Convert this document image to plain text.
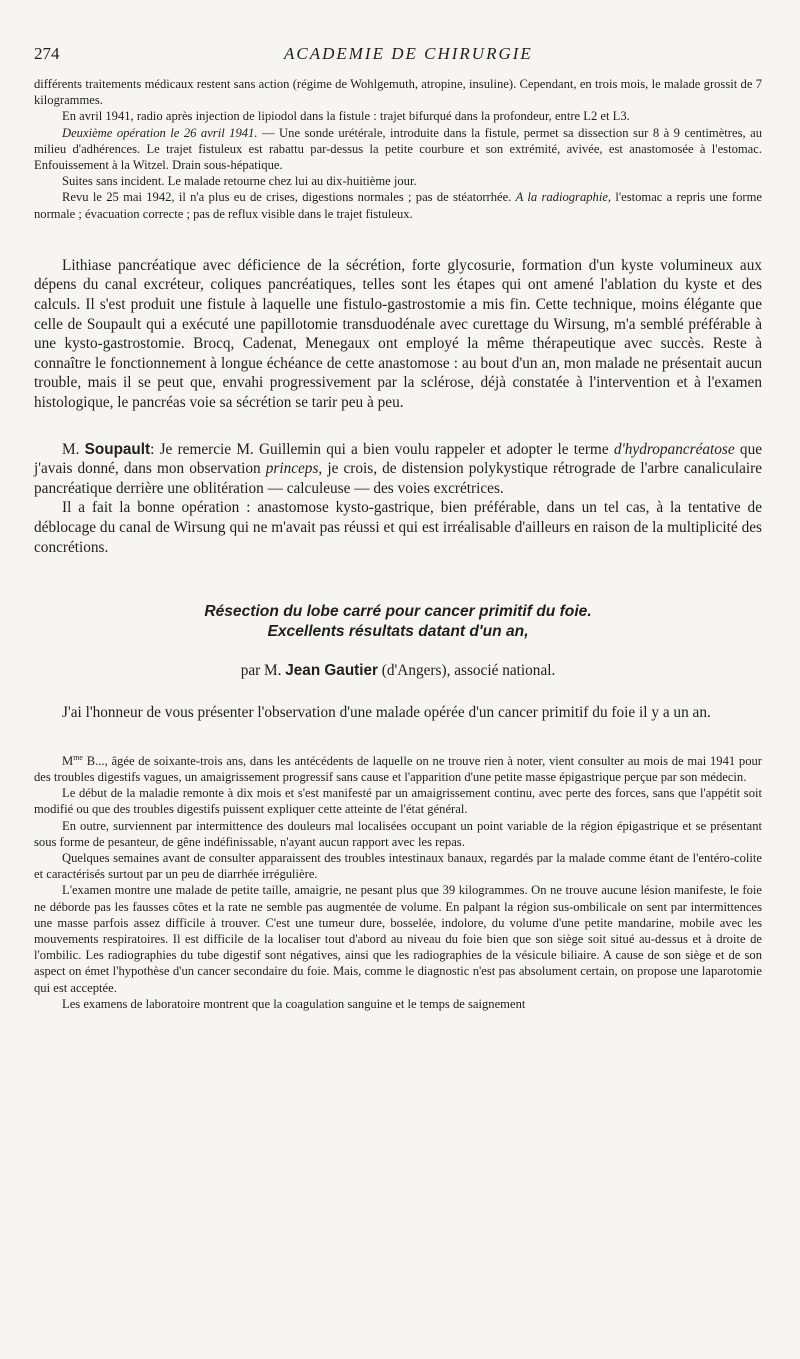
274	ACADEMIE DE CHIRURGIE

différents traitements médicaux restent sans action (régime de Wohlgemuth, atropine, insuline). Cependant, en trois mois, le malade grossit de 7 kilogrammes.

En avril 1941, radio après injection de lipiodol dans la fistule : trajet bifurqué dans la profondeur, entre L2 et L3.

Deuxième opération le 26 avril 1941. — Une sonde urétérale, introduite dans la fistule, permet sa dissection sur 8 à 9 centimètres, au milieu d'adhérences. Le trajet fistuleux est rabattu par-dessus la petite courbure et son extrémité, avivée, est anastomosée à l'estomac. Enfouissement à la Witzel. Drain sous-hépatique.

Suites sans incident. Le malade retourne chez lui au dix-huitième jour.

Revu le 25 mai 1942, il n'a plus eu de crises, digestions normales ; pas de stéatorrhée. A la radiographie, l'estomac a repris une forme normale ; évacuation correcte ; pas de reflux visible dans le trajet fistuleux.

Lithiase pancréatique avec déficience de la sécrétion, forte glycosurie, formation d'un kyste volumineux aux dépens du canal excréteur, coliques pancréatiques, telles sont les étapes qui ont amené l'ablation du kyste et des calculs. Il s'est produit une fistule à laquelle une fistulo-gastrostomie a mis fin. Cette technique, moins élégante que celle de Soupault qui a exécuté une papillotomie transduodénale avec curettage du Wirsung, m'a semblé préférable à une kysto-gastrostomie. Brocq, Cadenat, Menegaux ont employé la même thérapeutique avec succès. Reste à connaître le fonctionnement à longue échéance de cette anastomose : au bout d'un an, mon malade ne présentait aucun trouble, mais il se peut que, envahi progressivement par la sclérose, déjà constatée à l'intervention et à l'examen histologique, le pancréas voie sa sécrétion se tarir peu à peu.

M. Soupault: Je remercie M. Guillemin qui a bien voulu rappeler et adopter le terme d'hydropancréatose que j'avais donné, dans mon observation princeps, je crois, de distension polykystique rétrograde de l'arbre canaliculaire pancréatique derrière une oblitération — calculeuse — des voies excrétrices.

Il a fait la bonne opération : anastomose kysto-gastrique, bien préférable, dans un tel cas, à la tentative de déblocage du canal de Wirsung qui ne m'avait pas réussi et qui est irréalisable d'ailleurs en raison de la multiplicité des concrétions.

Résection du lobe carré pour cancer primitif du foie.
Excellents résultats datant d'un an,
par M. Jean Gautier (d'Angers), associé national.

J'ai l'honneur de vous présenter l'observation d'une malade opérée d'un cancer primitif du foie il y a un an.

$M^{me}$ B..., âgée de soixante-trois ans, dans les antécédents de laquelle on ne trouve rien à noter, vient consulter au mois de mai 1941 pour des troubles digestifs vagues, un amaigrissement progressif sans cause et l'apparition d'une petite masse épigastrique perçue par son médecin.

Le début de la maladie remonte à dix mois et s'est manifesté par un amaigrissement continu, avec perte des forces, sans que l'appétit soit modifié ou que des troubles digestifs puissent expliquer cette atteinte de l'état général.

En outre, surviennent par intermittence des douleurs mal localisées occupant un point variable de la région épigastrique et se présentant sous forme de pesanteur, de gêne indéfinissable, n'ayant aucun rapport avec les repas.

Quelques semaines avant de consulter apparaissent des troubles intestinaux banaux, regardés par la malade comme étant de l'entéro-colite et caractérisés surtout par un peu de diarrhée irrégulière.

L'examen montre une malade de petite taille, amaigrie, ne pesant plus que 39 kilogrammes. On ne trouve aucune lésion manifeste, le foie ne déborde pas les fausses côtes et la rate ne semble pas augmentée de volume. En palpant la région sus-ombilicale on sent par intermittences une masse parfois assez difficile à trouver. C'est une tumeur dure, bosselée, indolore, du volume d'une petite mandarine, mobile avec les mouvements respiratoires. Il est difficile de la localiser tout d'abord au niveau du foie bien que son siège soit situé au-dessus et à droite de l'ombilic. Les radiographies du tube digestif sont négatives, ainsi que les radiographies de la vésicule biliaire. A cause de son siège et de son aspect on émet l'hypothèse d'un cancer secondaire du foie. Mais, comme le diagnostic n'est pas absolument certain, on propose une laparotomie qui est acceptée.

Les examens de laboratoire montrent que la coagulation sanguine et le temps de saignement
